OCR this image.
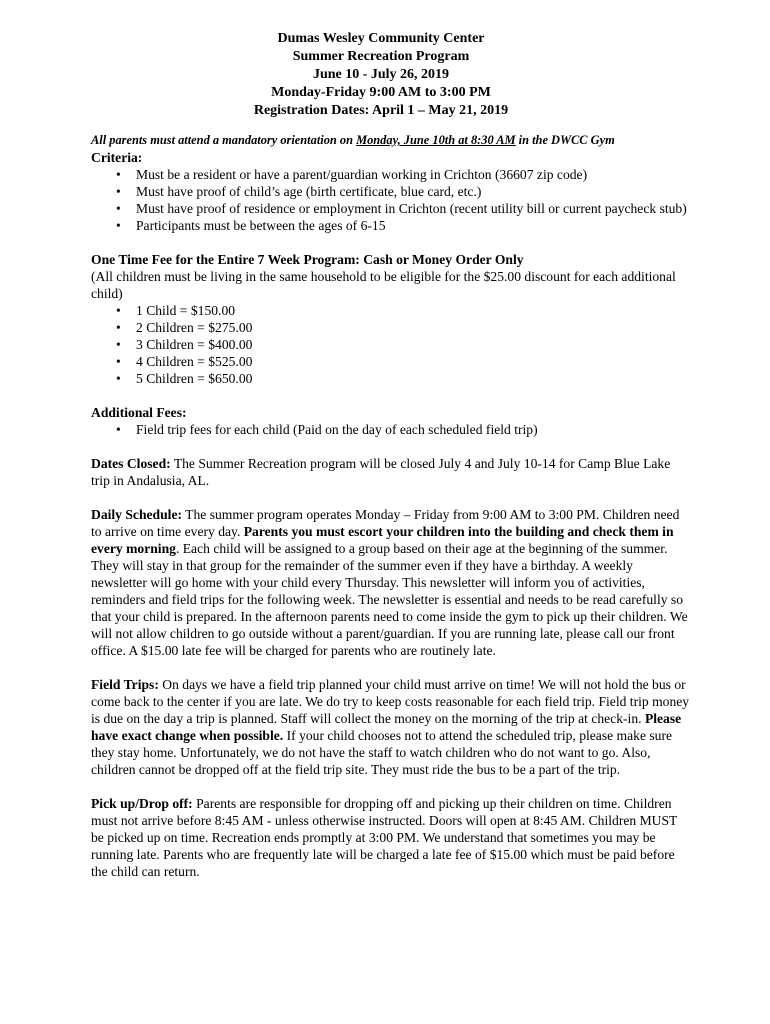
Dumas Wesley Community Center
Summer Recreation Program
June 10 - July 26, 2019
Monday-Friday 9:00 AM to 3:00 PM
Registration Dates: April 1 – May 21, 2019

All parents must attend a mandatory orientation on Monday, June 10th at 8:30 AM in the DWCC Gym

Criteria:

• Must be a resident or have a parent/guardian working in Crichton (36607 zip code)
• Must have proof of child’s age (birth certificate, blue card, etc.)
• Must have proof of residence or employment in Crichton (recent utility bill or current paycheck stub)
• Participants must be between the ages of 6-15

One Time Fee for the Entire 7 Week Program: Cash or Money Order Only

(All children must be living in the same household to be eligible for the $25.00 discount for each additional child)

• 1 Child = $150.00
• 2 Children = $275.00
• 3 Children = $400.00
• 4 Children = $525.00
• 5 Children = $650.00

Additional Fees:

• Field trip fees for each child (Paid on the day of each scheduled field trip)

Dates Closed: The Summer Recreation program will be closed July 4 and July 10-14 for Camp Blue Lake trip in Andalusia, AL.

Daily Schedule: The summer program operates Monday – Friday from 9:00 AM to 3:00 PM. Children need to arrive on time every day. Parents you must escort your children into the building and check them in every morning. Each child will be assigned to a group based on their age at the beginning of the summer. They will stay in that group for the remainder of the summer even if they have a birthday. A weekly newsletter will go home with your child every Thursday. This newsletter will inform you of activities, reminders and field trips for the following week. The newsletter is essential and needs to be read carefully so that your child is prepared. In the afternoon parents need to come inside the gym to pick up their children. We will not allow children to go outside without a parent/guardian. If you are running late, please call our front office. A $15.00 late fee will be charged for parents who are routinely late.

Field Trips: On days we have a field trip planned your child must arrive on time! We will not hold the bus or come back to the center if you are late. We do try to keep costs reasonable for each field trip. Field trip money is due on the day a trip is planned. Staff will collect the money on the morning of the trip at check-in. Please have exact change when possible. If your child chooses not to attend the scheduled trip, please make sure they stay home. Unfortunately, we do not have the staff to watch children who do not want to go. Also, children cannot be dropped off at the field trip site. They must ride the bus to be a part of the trip.

Pick up/Drop off: Parents are responsible for dropping off and picking up their children on time. Children must not arrive before 8:45 AM - unless otherwise instructed. Doors will open at 8:45 AM. Children MUST be picked up on time. Recreation ends promptly at 3:00 PM. We understand that sometimes you may be running late. Parents who are frequently late will be charged a late fee of $15.00 which must be paid before the child can return.
